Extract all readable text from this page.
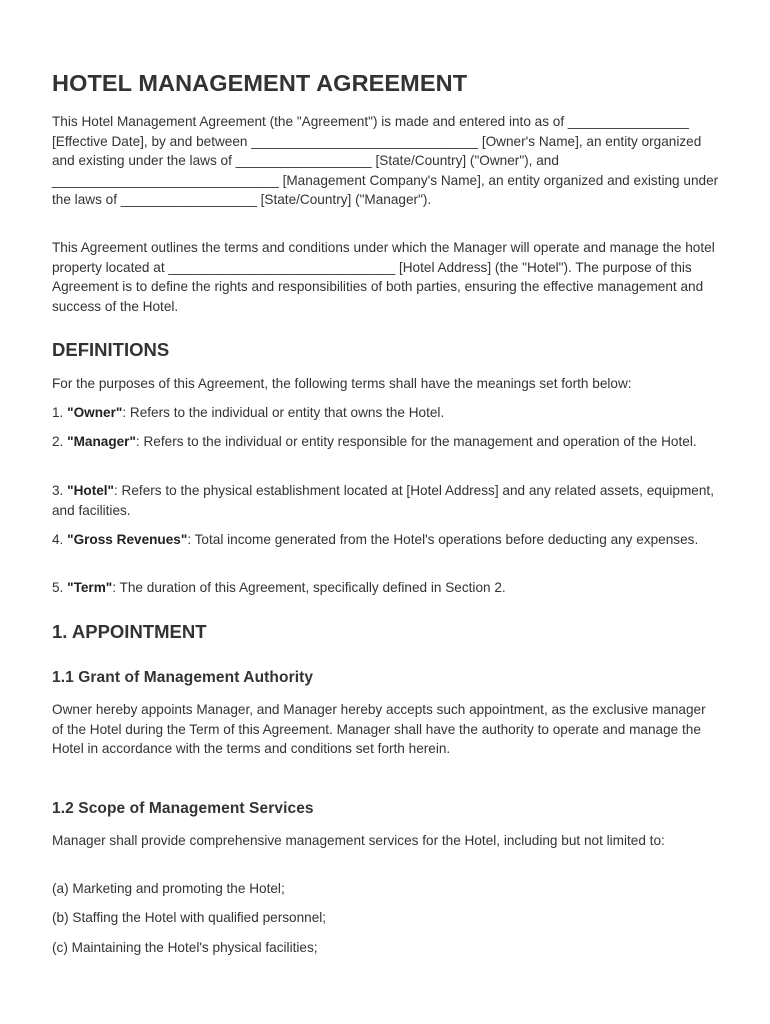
HOTEL MANAGEMENT AGREEMENT

This Hotel Management Agreement (the "Agreement") is made and entered into as of ________________ [Effective Date], by and between ______________________________ [Owner's Name], an entity organized and existing under the laws of __________________ [State/Country] ("Owner"), and ______________________________ [Management Company's Name], an entity organized and existing under the laws of __________________ [State/Country] ("Manager").

This Agreement outlines the terms and conditions under which the Manager will operate and manage the hotel property located at ______________________________ [Hotel Address] (the "Hotel"). The purpose of this Agreement is to define the rights and responsibilities of both parties, ensuring the effective management and success of the Hotel.

DEFINITIONS

For the purposes of this Agreement, the following terms shall have the meanings set forth below:

1. "Owner": Refers to the individual or entity that owns the Hotel.

2. "Manager": Refers to the individual or entity responsible for the management and operation of the Hotel.

3. "Hotel": Refers to the physical establishment located at [Hotel Address] and any related assets, equipment, and facilities.

4. "Gross Revenues": Total income generated from the Hotel's operations before deducting any expenses.

5. "Term": The duration of this Agreement, specifically defined in Section 2.

1. APPOINTMENT
1.1 Grant of Management Authority

Owner hereby appoints Manager, and Manager hereby accepts such appointment, as the exclusive manager of the Hotel during the Term of this Agreement. Manager shall have the authority to operate and manage the Hotel in accordance with the terms and conditions set forth herein.

1.2 Scope of Management Services

Manager shall provide comprehensive management services for the Hotel, including but not limited to:

(a) Marketing and promoting the Hotel;

(b) Staffing the Hotel with qualified personnel;

(c) Maintaining the Hotel's physical facilities;
